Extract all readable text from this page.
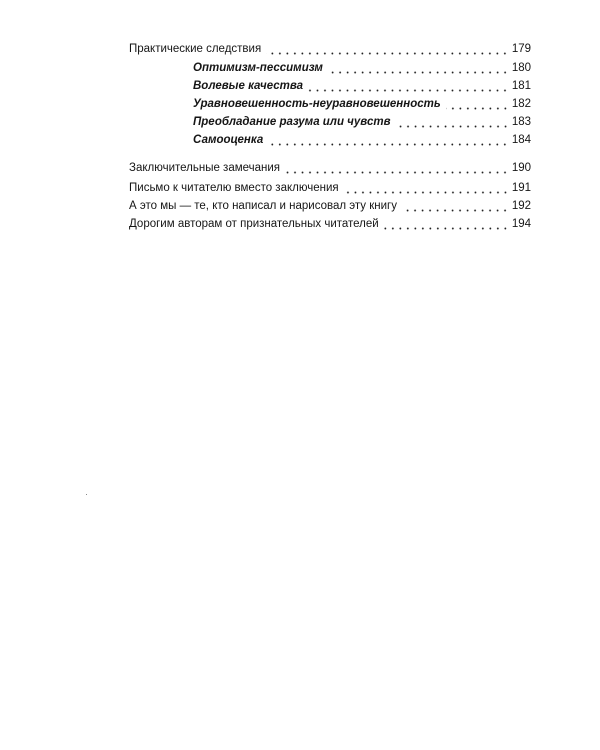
Практические следствия	179
Оптимизм-пессимизм	180
Волевые качества	181
Уравновешенность-неуравновешенность	182
Преобладание разума или чувств	183
Самооценка	184
Заключительные замечания	190
Письмо к читателю вместо заключения	191
А это мы — те, кто написал и нарисовал эту книгу	192
Дорогим авторам от признательных читателей	194
